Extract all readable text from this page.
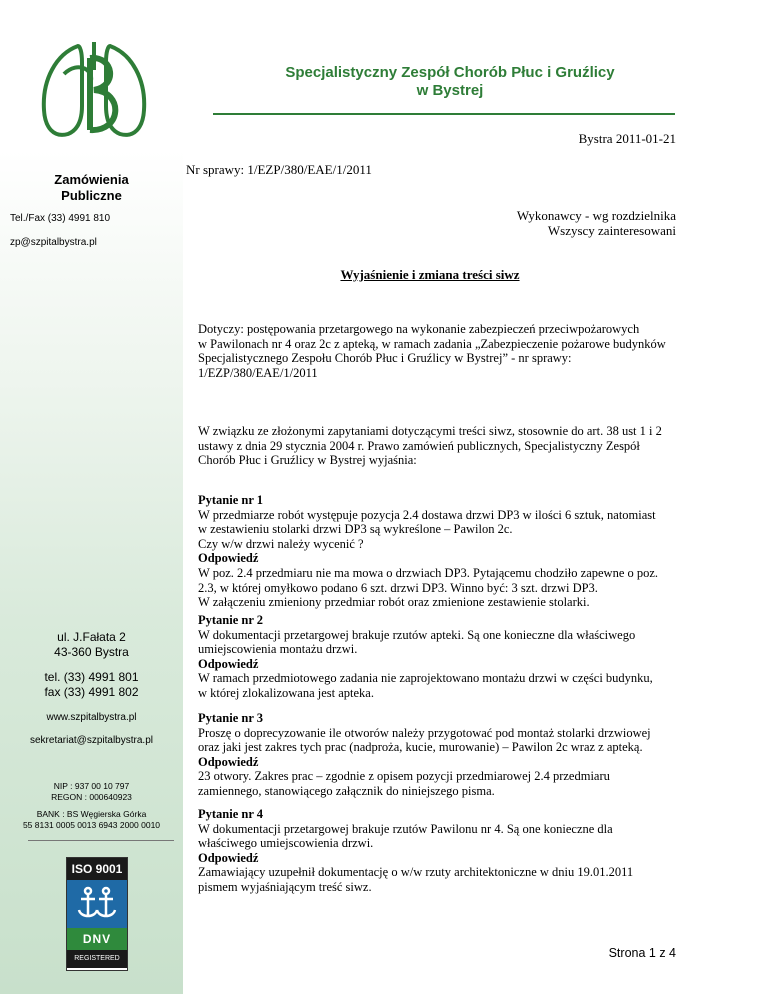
Zamówienia
Publiczne
Tel./Fax (33) 4991 810
zp@szpitalbystra.pl
ul. J.Fałata 2
43-360 Bystra
tel. (33) 4991 801
fax (33) 4991 802
www.szpitalbystra.pl
sekretariat@szpitalbystra.pl
NIP : 937 00 10 797
REGON : 000640923
BANK : BS Węgierska Górka
55 8131 0005 0013 6943 2000 0010
ISO 9001
DNV
REGISTERED
Specjalistyczny Zespół Chorób Płuc i Gruźlicy
w Bystrej
Bystra 2011-01-21
Nr sprawy: 1/EZP/380/EAE/1/2011
Wykonawcy - wg rozdzielnika
Wszyscy zainteresowani
Wyjaśnienie i zmiana treści siwz
Dotyczy: postępowania przetargowego na wykonanie zabezpieczeń przeciwpożarowych
w Pawilonach nr 4 oraz 2c z apteką, w ramach zadania „Zabezpieczenie pożarowe budynków
Specjalistycznego Zespołu Chorób Płuc i Gruźlicy w Bystrej” - nr sprawy:
1/EZP/380/EAE/1/2011
W związku ze złożonymi zapytaniami dotyczącymi treści siwz, stosownie do art. 38 ust 1 i 2
ustawy z dnia 29 stycznia 2004 r. Prawo zamówień publicznych, Specjalistyczny Zespół
Chorób Płuc i Gruźlicy w Bystrej wyjaśnia:
Pytanie nr 1
W przedmiarze robót występuje pozycja 2.4 dostawa drzwi DP3 w ilości 6 sztuk, natomiast
w zestawieniu stolarki drzwi DP3 są wykreślone – Pawilon 2c.
Czy w/w drzwi należy wycenić ?
Odpowiedź
W poz. 2.4 przedmiaru nie ma mowa o drzwiach DP3. Pytającemu chodziło zapewne o poz.
2.3, w której omyłkowo podano 6 szt. drzwi DP3. Winno być: 3 szt. drzwi DP3.
W załączeniu zmieniony przedmiar robót oraz zmienione zestawienie stolarki.
Pytanie nr 2
W dokumentacji przetargowej brakuje rzutów apteki. Są one konieczne dla właściwego
umiejscowienia montażu drzwi.
Odpowiedź
W ramach przedmiotowego zadania nie zaprojektowano montażu drzwi w części budynku,
w której zlokalizowana jest apteka.
Pytanie nr 3
Proszę o doprecyzowanie ile otworów należy przygotować pod montaż stolarki drzwiowej
oraz jaki jest zakres tych prac (nadproża, kucie, murowanie) – Pawilon 2c wraz z apteką.
Odpowiedź
23 otwory. Zakres prac – zgodnie z opisem pozycji przedmiarowej 2.4 przedmiaru
zamiennego, stanowiącego załącznik do niniejszego pisma.
Pytanie nr 4
W dokumentacji przetargowej brakuje rzutów Pawilonu nr 4. Są one konieczne dla
właściwego umiejscowienia drzwi.
Odpowiedź
Zamawiający uzupełnił dokumentację o w/w rzuty architektoniczne w dniu 19.01.2011
pismem wyjaśniającym treść siwz.
Strona 1 z 4
